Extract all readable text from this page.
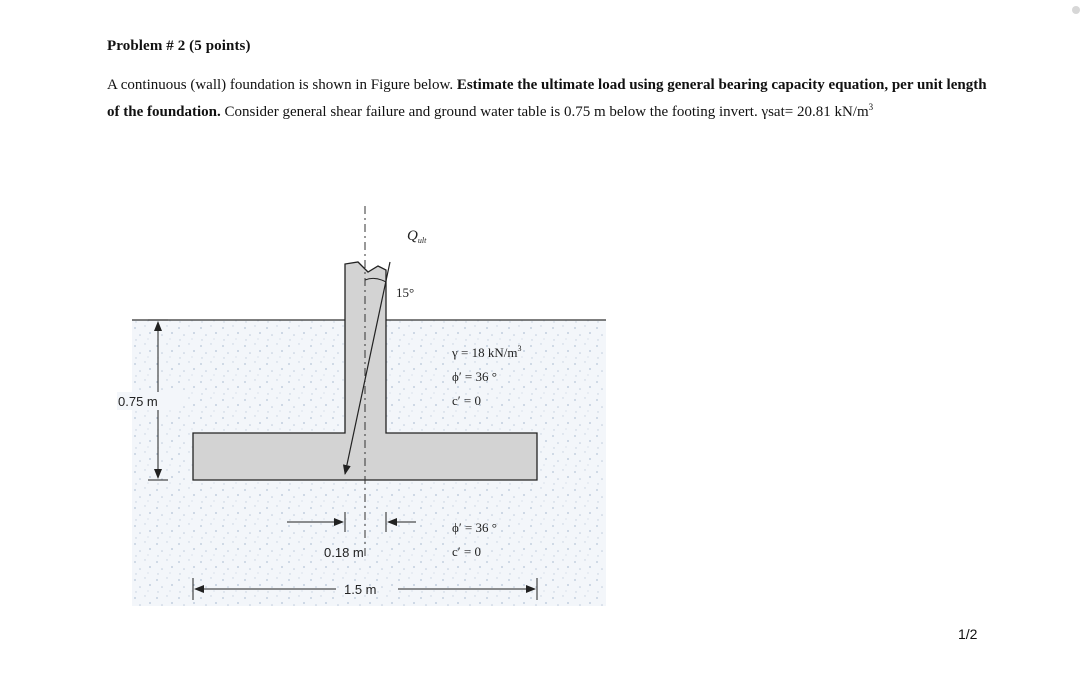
Problem # 2 (5 points)
A continuous (wall) foundation is shown in Figure below. Estimate the ultimate load using general bearing capacity equation, per unit length of the foundation. Consider general shear failure and ground water table is 0.75 m below the footing invert. γsat= 20.81 $kN/m^3$
$Q_{ult}$
15°
γ = 18 $kN/m^3$
ϕ′ = 36 °
c′ = 0
0.75 m
ϕ′ = 36 °
c′ = 0
0.18 m
1.5 m
1/2
